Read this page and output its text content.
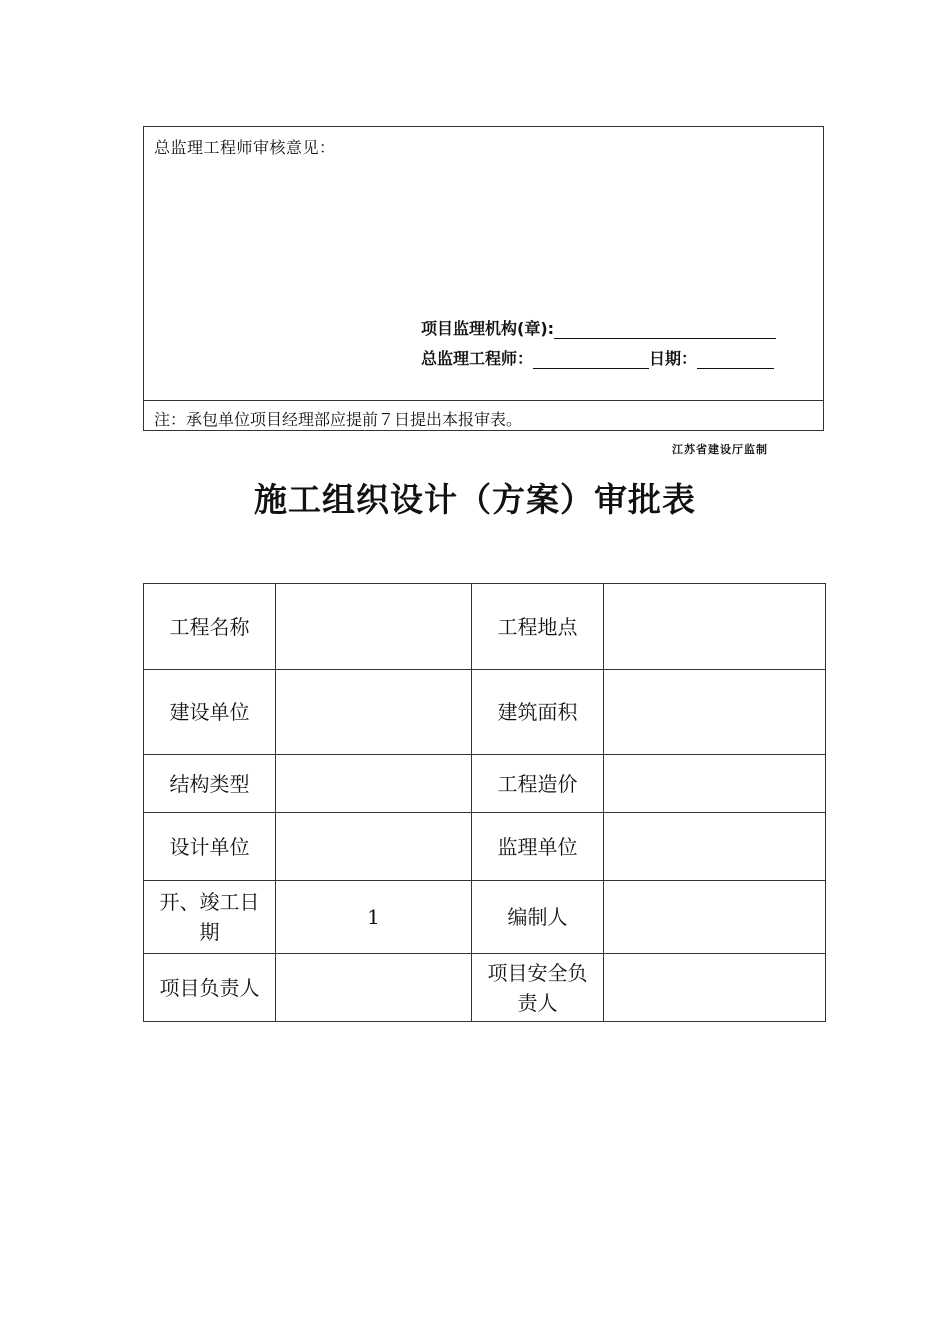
总监理工程师审核意见：
项目监理机构(章):
总监理工程师：	日期：
注：承包单位项目经理部应提前７日提出本报审表。
江苏省建设厅监制
施工组织设计（方案）审批表
工程名称		工程地点	
建设单位		建筑面积	
结构类型		工程造价	
设计单位		监理单位	
开、竣工日期	1	编制人	
项目负责人		项目安全负责人	
